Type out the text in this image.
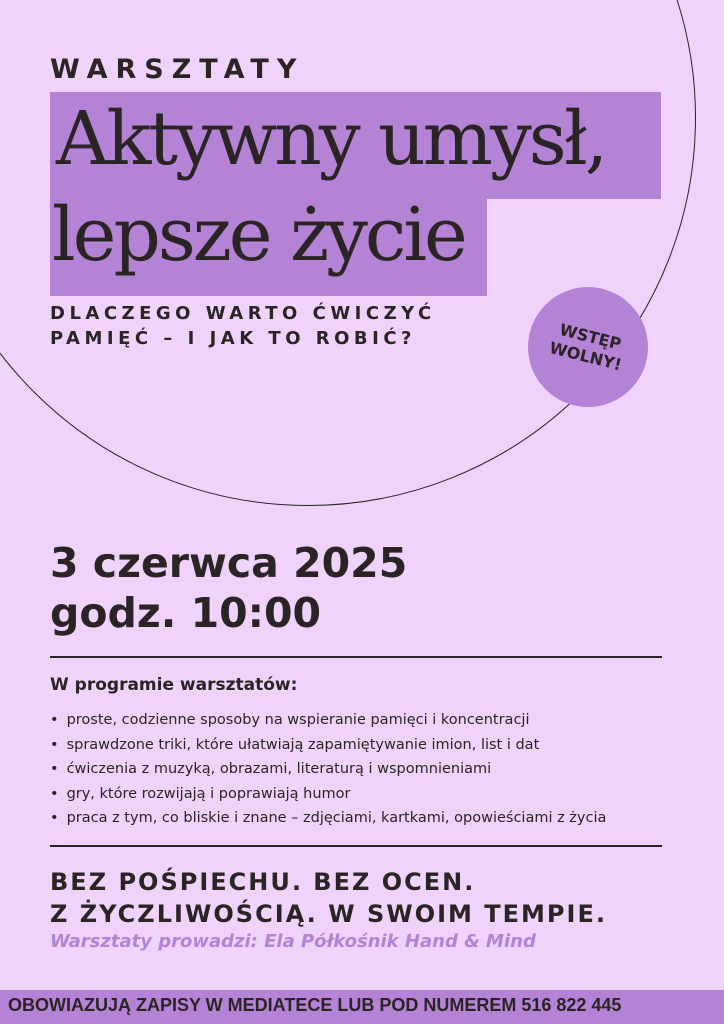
WARSZTATY
Aktywny umysł,
lepsze życie
DLACZEGO WARTO ĆWICZYĆ
PAMIĘĆ – I JAK TO ROBIĆ?	WSTĘP
WOLNY!
3 czerwca 2025
godz. 10:00
W programie warsztatów:
• proste, codzienne sposoby na wspieranie pamięci i koncentracji
• sprawdzone triki, które ułatwiają zapamiętywanie imion, list i dat
• ćwiczenia z muzyką, obrazami, literaturą i wspomnieniami
• gry, które rozwijają i poprawiają humor
• praca z tym, co bliskie i znane – zdjęciami, kartkami, opowieściami z życia
BEZ POŚPIECHU. BEZ OCEN.
Z ŻYCZLIWOŚCIĄ. W SWOIM TEMPIE.
Warsztaty prowadzi: Ela Półkośnik Hand & Mind
OBOWIAZUJĄ ZAPISY W MEDIATECE LUB POD NUMEREM 516 822 445
